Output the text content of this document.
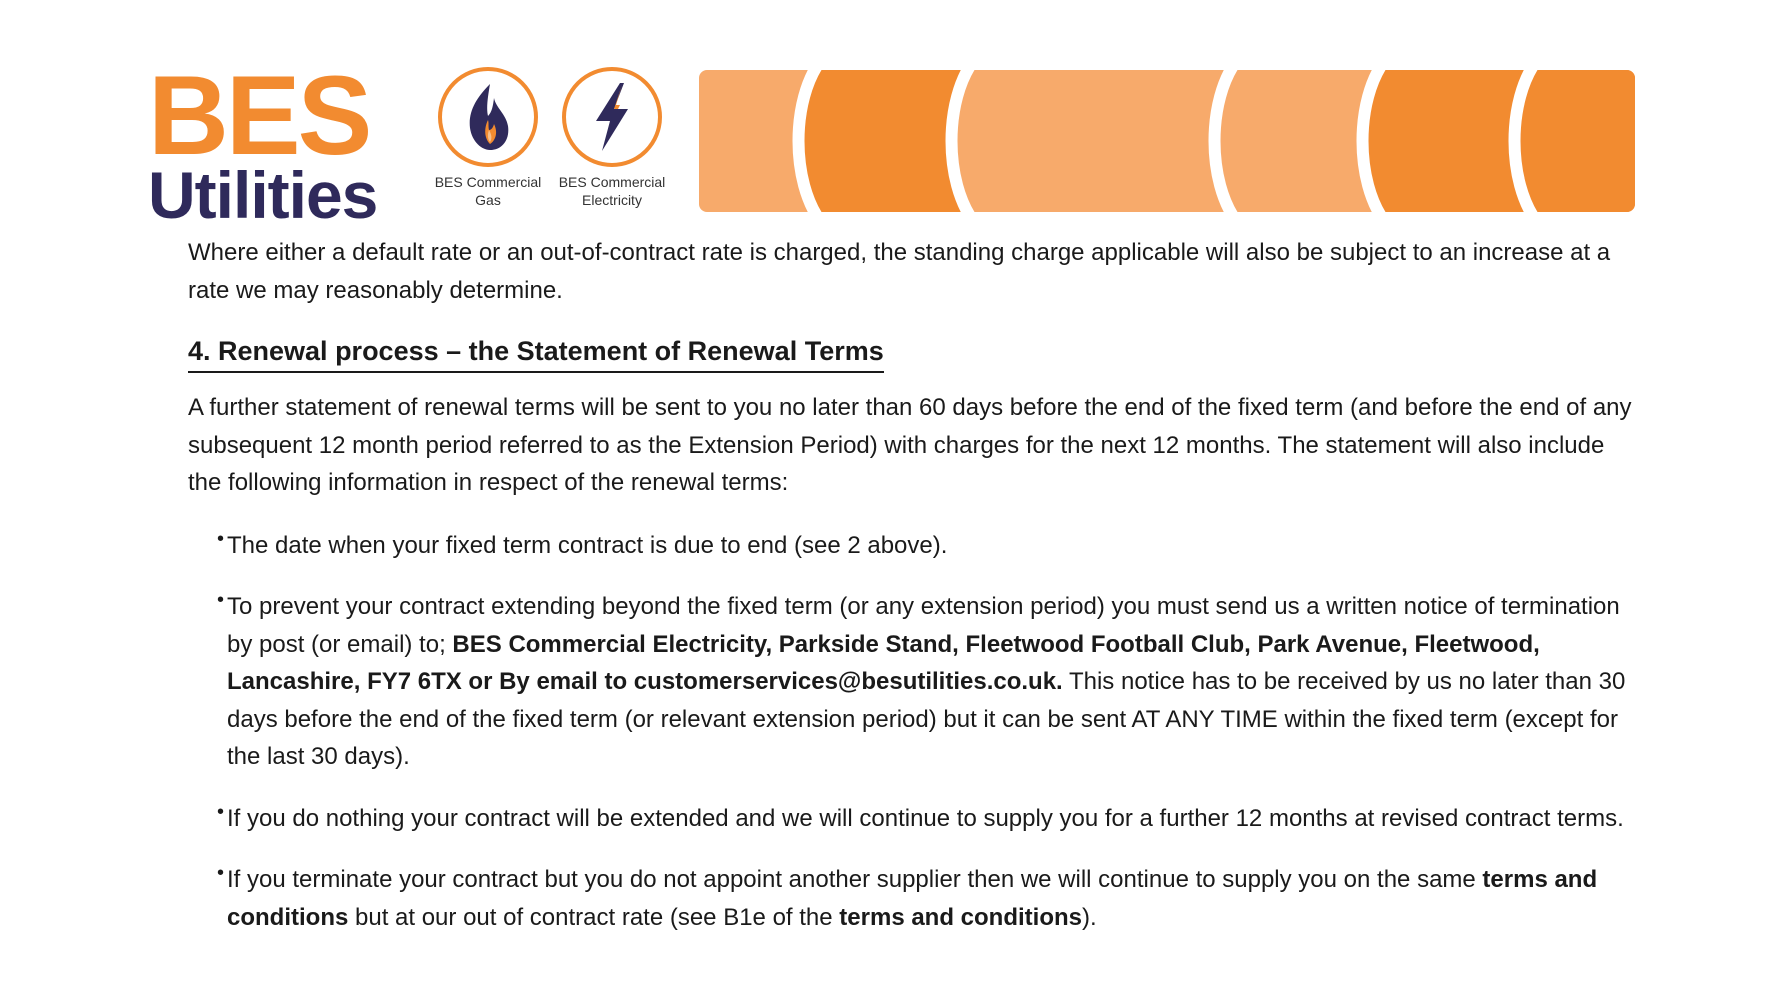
BES
Utilities	BES Commercial
Gas
BES Commercial
Electricity

Where either a default rate or an out-of-contract rate is charged, the standing charge applicable will also be subject to an increase at a rate we may reasonably determine.

4. Renewal process – the Statement of Renewal Terms

A further statement of renewal terms will be sent to you no later than 60 days before the end of the fixed term (and before the end of any subsequent 12 month period referred to as the Extension Period) with charges for the next 12 months. The statement will also include the following information in respect of the renewal terms:

• The date when your fixed term contract is due to end (see 2 above).
• To prevent your contract extending beyond the fixed term (or any extension period) you must send us a written notice of termination by post (or email) to; BES Commercial Electricity, Parkside Stand, Fleetwood Football Club, Park Avenue, Fleetwood, Lancashire, FY7 6TX or By email to customerservices@besutilities.co.uk. This notice has to be received by us no later than 30 days before the end of the fixed term (or relevant extension period) but it can be sent AT ANY TIME within the fixed term (except for the last 30 days).
• If you do nothing your contract will be extended and we will continue to supply you for a further 12 months at revised contract terms.
• If you terminate your contract but you do not appoint another supplier then we will continue to supply you on the same terms and conditions but at our out of contract rate (see B1e of the terms and conditions).
